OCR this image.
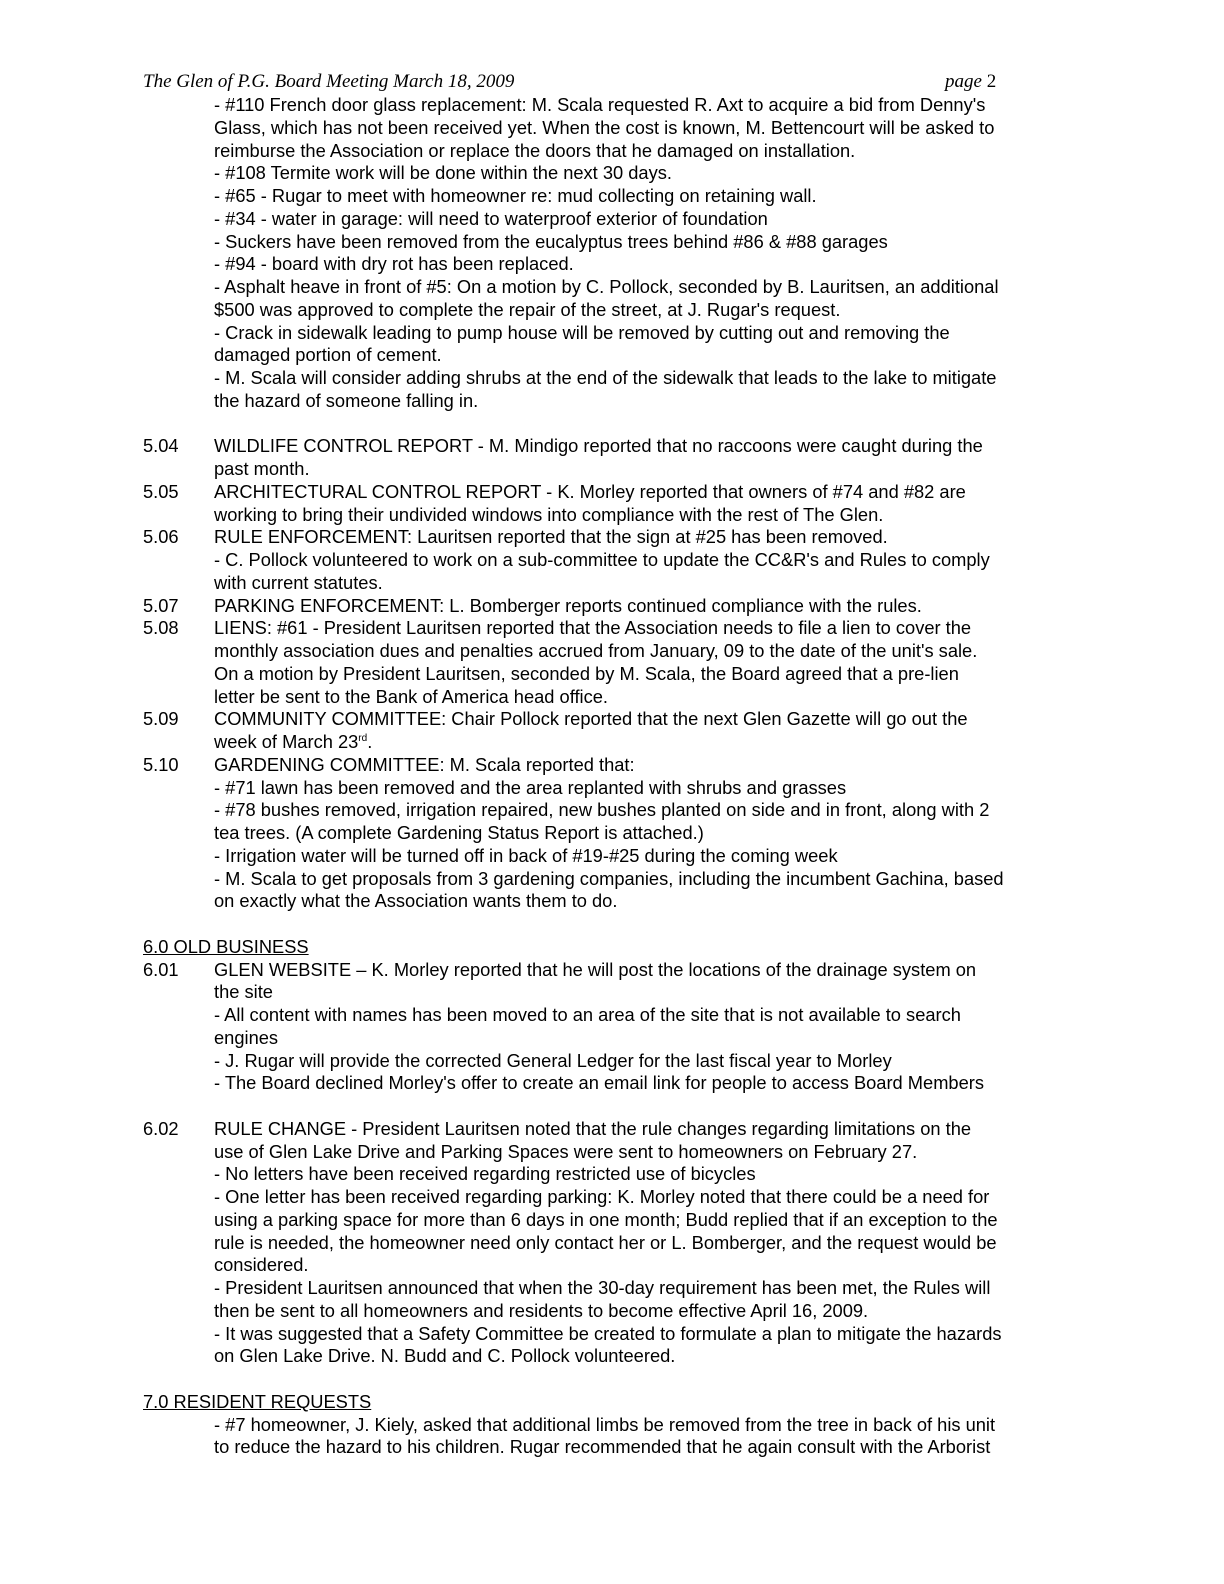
The Glen of P.G. Board Meeting March 18, 2009	page 2
- #110 French door glass replacement: M. Scala requested R. Axt to acquire a bid from Denny's
Glass, which has not been received yet. When the cost is known, M. Bettencourt will be asked to
reimburse the Association or replace the doors that he damaged on installation.
- #108 Termite work will be done within the next 30 days.
- #65 - Rugar to meet with homeowner re: mud collecting on retaining wall.
- #34 - water in garage: will need to waterproof exterior of foundation
- Suckers have been removed from the eucalyptus trees behind #86 & #88 garages
- #94 - board with dry rot has been replaced.
- Asphalt heave in front of #5: On a motion by C. Pollock, seconded by B. Lauritsen, an additional
$500 was approved to complete the repair of the street, at J. Rugar's request.
- Crack in sidewalk leading to pump house will be removed by cutting out and removing the
damaged portion of cement.
- M. Scala will consider adding shrubs at the end of the sidewalk that leads to the lake to mitigate
the hazard of someone falling in.
5.04 WILDLIFE CONTROL REPORT - M. Mindigo reported that no raccoons were caught during the
past month.
5.05 ARCHITECTURAL CONTROL REPORT - K. Morley reported that owners of #74 and #82 are
working to bring their undivided windows into compliance with the rest of The Glen.
5.06 RULE ENFORCEMENT: Lauritsen reported that the sign at #25 has been removed.
- C. Pollock volunteered to work on a sub-committee to update the CC&R's and Rules to comply
with current statutes.
5.07 PARKING ENFORCEMENT: L. Bomberger reports continued compliance with the rules.
5.08 LIENS: #61 - President Lauritsen reported that the Association needs to file a lien to cover the
monthly association dues and penalties accrued from January, 09 to the date of the unit's sale.
On a motion by President Lauritsen, seconded by M. Scala, the Board agreed that a pre-lien
letter be sent to the Bank of America head office.
5.09 COMMUNITY COMMITTEE: Chair Pollock reported that the next Glen Gazette will go out the
week of March 23rd.
5.10 GARDENING COMMITTEE: M. Scala reported that:
- #71 lawn has been removed and the area replanted with shrubs and grasses
- #78 bushes removed, irrigation repaired, new bushes planted on side and in front, along with 2
tea trees. (A complete Gardening Status Report is attached.)
- Irrigation water will be turned off in back of #19-#25 during the coming week
- M. Scala to get proposals from 3 gardening companies, including the incumbent Gachina, based
on exactly what the Association wants them to do.
6.0 OLD BUSINESS
6.01 GLEN WEBSITE – K. Morley reported that he will post the locations of the drainage system on
the site
- All content with names has been moved to an area of the site that is not available to search
engines
- J. Rugar will provide the corrected General Ledger for the last fiscal year to Morley
- The Board declined Morley's offer to create an email link for people to access Board Members
6.02 RULE CHANGE - President Lauritsen noted that the rule changes regarding limitations on the
use of Glen Lake Drive and Parking Spaces were sent to homeowners on February 27.
- No letters have been received regarding restricted use of bicycles
- One letter has been received regarding parking: K. Morley noted that there could be a need for
using a parking space for more than 6 days in one month; Budd replied that if an exception to the
rule is needed, the homeowner need only contact her or L. Bomberger, and the request would be
considered.
- President Lauritsen announced that when the 30-day requirement has been met, the Rules will
then be sent to all homeowners and residents to become effective April 16, 2009.
- It was suggested that a Safety Committee be created to formulate a plan to mitigate the hazards
on Glen Lake Drive. N. Budd and C. Pollock volunteered.
7.0 RESIDENT REQUESTS
- #7 homeowner, J. Kiely, asked that additional limbs be removed from the tree in back of his unit
to reduce the hazard to his children. Rugar recommended that he again consult with the Arborist
